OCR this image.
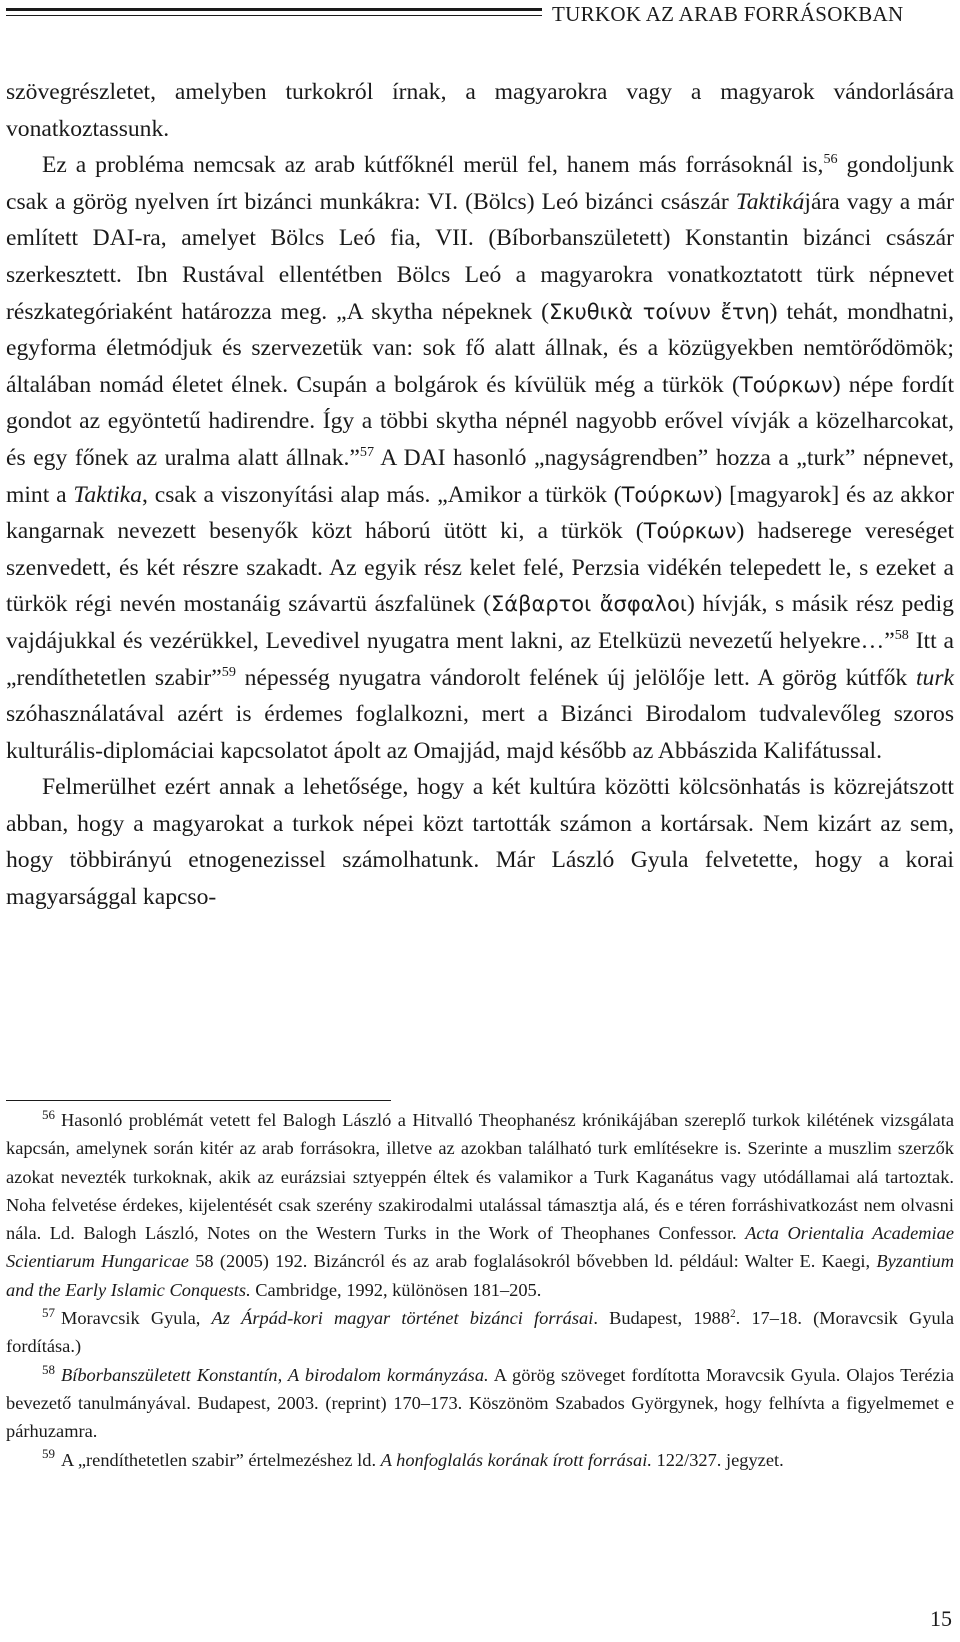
TURKOK AZ ARAB FORRÁSOKBAN

szövegrészletet, amelyben turkokról írnak, a magyarokra vagy a magyarok vándorlására vonatkoztassunk.

Ez a probléma nemcsak az arab kútfőknél merül fel, hanem más forrásoknál is,$^{56}$ gondoljunk csak a görög nyelven írt bizánci munkákra: VI. (Bölcs) Leó bizánci császár Taktikájára vagy a már említett DAI-ra, amelyet Bölcs Leó fia, VII. (Bíborbanszületett) Konstantin bizánci császár szerkesztett. Ibn Rustával ellentétben Bölcs Leó a magyarokra vonatkoztatott türk népnevet részkategóriaként határozza meg. „A skytha népeknek (Σκυθικὰ τοίνυν ἔτνη) tehát, mondhatni, egyforma életmódjuk és szervezetük van: sok fő alatt állnak, és a közügyekben nemtörődömök; általában nomád életet élnek. Csupán a bolgárok és kívülük még a türkök (Τούρκων) népe fordít gondot az egyöntetű hadirendre. Így a többi skytha népnél nagyobb erővel vívják a közelharcokat, és egy főnek az uralma alatt állnak.”$^{57}$ A DAI hasonló „nagyságrendben” hozza a „turk” népnevet, mint a Taktika, csak a viszonyítási alap más. „Amikor a türkök (Τούρκων) [magyarok] és az akkor kangarnak nevezett besenyők közt háború ütött ki, a türkök (Τούρκων) hadserege vereséget szenvedett, és két részre szakadt. Az egyik rész kelet felé, Perzsia vidékén telepedett le, s ezeket a türkök régi nevén mostanáig szávartü ászfalünek (Σάβαρτοι ἄσφαλοι) hívják, s másik rész pedig vajdájukkal és vezérükkel, Levedivel nyugatra ment lakni, az Etelküzü nevezetű helyekre…”$^{58}$ Itt a „rendíthetetlen szabir”$^{59}$ népesség nyugatra vándorolt felének új jelölője lett. A görög kútfők turk szóhasználatával azért is érdemes foglalkozni, mert a Bizánci Birodalom tudvalevőleg szoros kulturális-diplomáciai kapcsolatot ápolt az Omajjád, majd később az Abbászida Kalifátussal.

Felmerülhet ezért annak a lehetősége, hogy a két kultúra közötti kölcsönhatás is közrejátszott abban, hogy a magyarokat a turkok népei közt tartották számon a kortársak. Nem kizárt az sem, hogy többirányú etnogenezissel számolhatunk. Már László Gyula felvetette, hogy a korai magyarsággal kapcso-

$^{56}$ Hasonló problémát vetett fel Balogh László a Hitvalló Theophanész krónikájában szereplő turkok kilétének vizsgálata kapcsán, amelynek során kitér az arab forrásokra, illetve az azokban található turk említésekre is. Szerinte a muszlim szerzők azokat nevezték turkoknak, akik az eurázsiai sztyeppén éltek és valamikor a Turk Kaganátus vagy utódállamai alá tartoztak. Noha felvetése érdekes, kijelentését csak szerény szakirodalmi utalással támasztja alá, és e téren forráshivatkozást nem olvasni nála. Ld. Balogh László, Notes on the Western Turks in the Work of Theophanes Confessor. Acta Orientalia Academiae Scientiarum Hungaricae 58 (2005) 192. Bizáncról és az arab foglalásokról bővebben ld. például: Walter E. Kaegi, Byzantium and the Early Islamic Conquests. Cambridge, 1992, különösen 181–205.

$^{57}$ Moravcsik Gyula, Az Árpád-kori magyar történet bizánci forrásai. Budapest, 1988$^2$. 17–18. (Moravcsik Gyula fordítása.)

$^{58}$ Bíborbanszületett Konstantín, A birodalom kormányzása. A görög szöveget fordította Moravcsik Gyula. Olajos Terézia bevezető tanulmányával. Budapest, 2003. (reprint) 170–173. Köszönöm Szabados Györgynek, hogy felhívta a figyelmemet e párhuzamra.

$^{59}$ A „rendíthetetlen szabir” értelmezéshez ld. A honfoglalás korának írott forrásai. 122/327. jegyzet.

15
